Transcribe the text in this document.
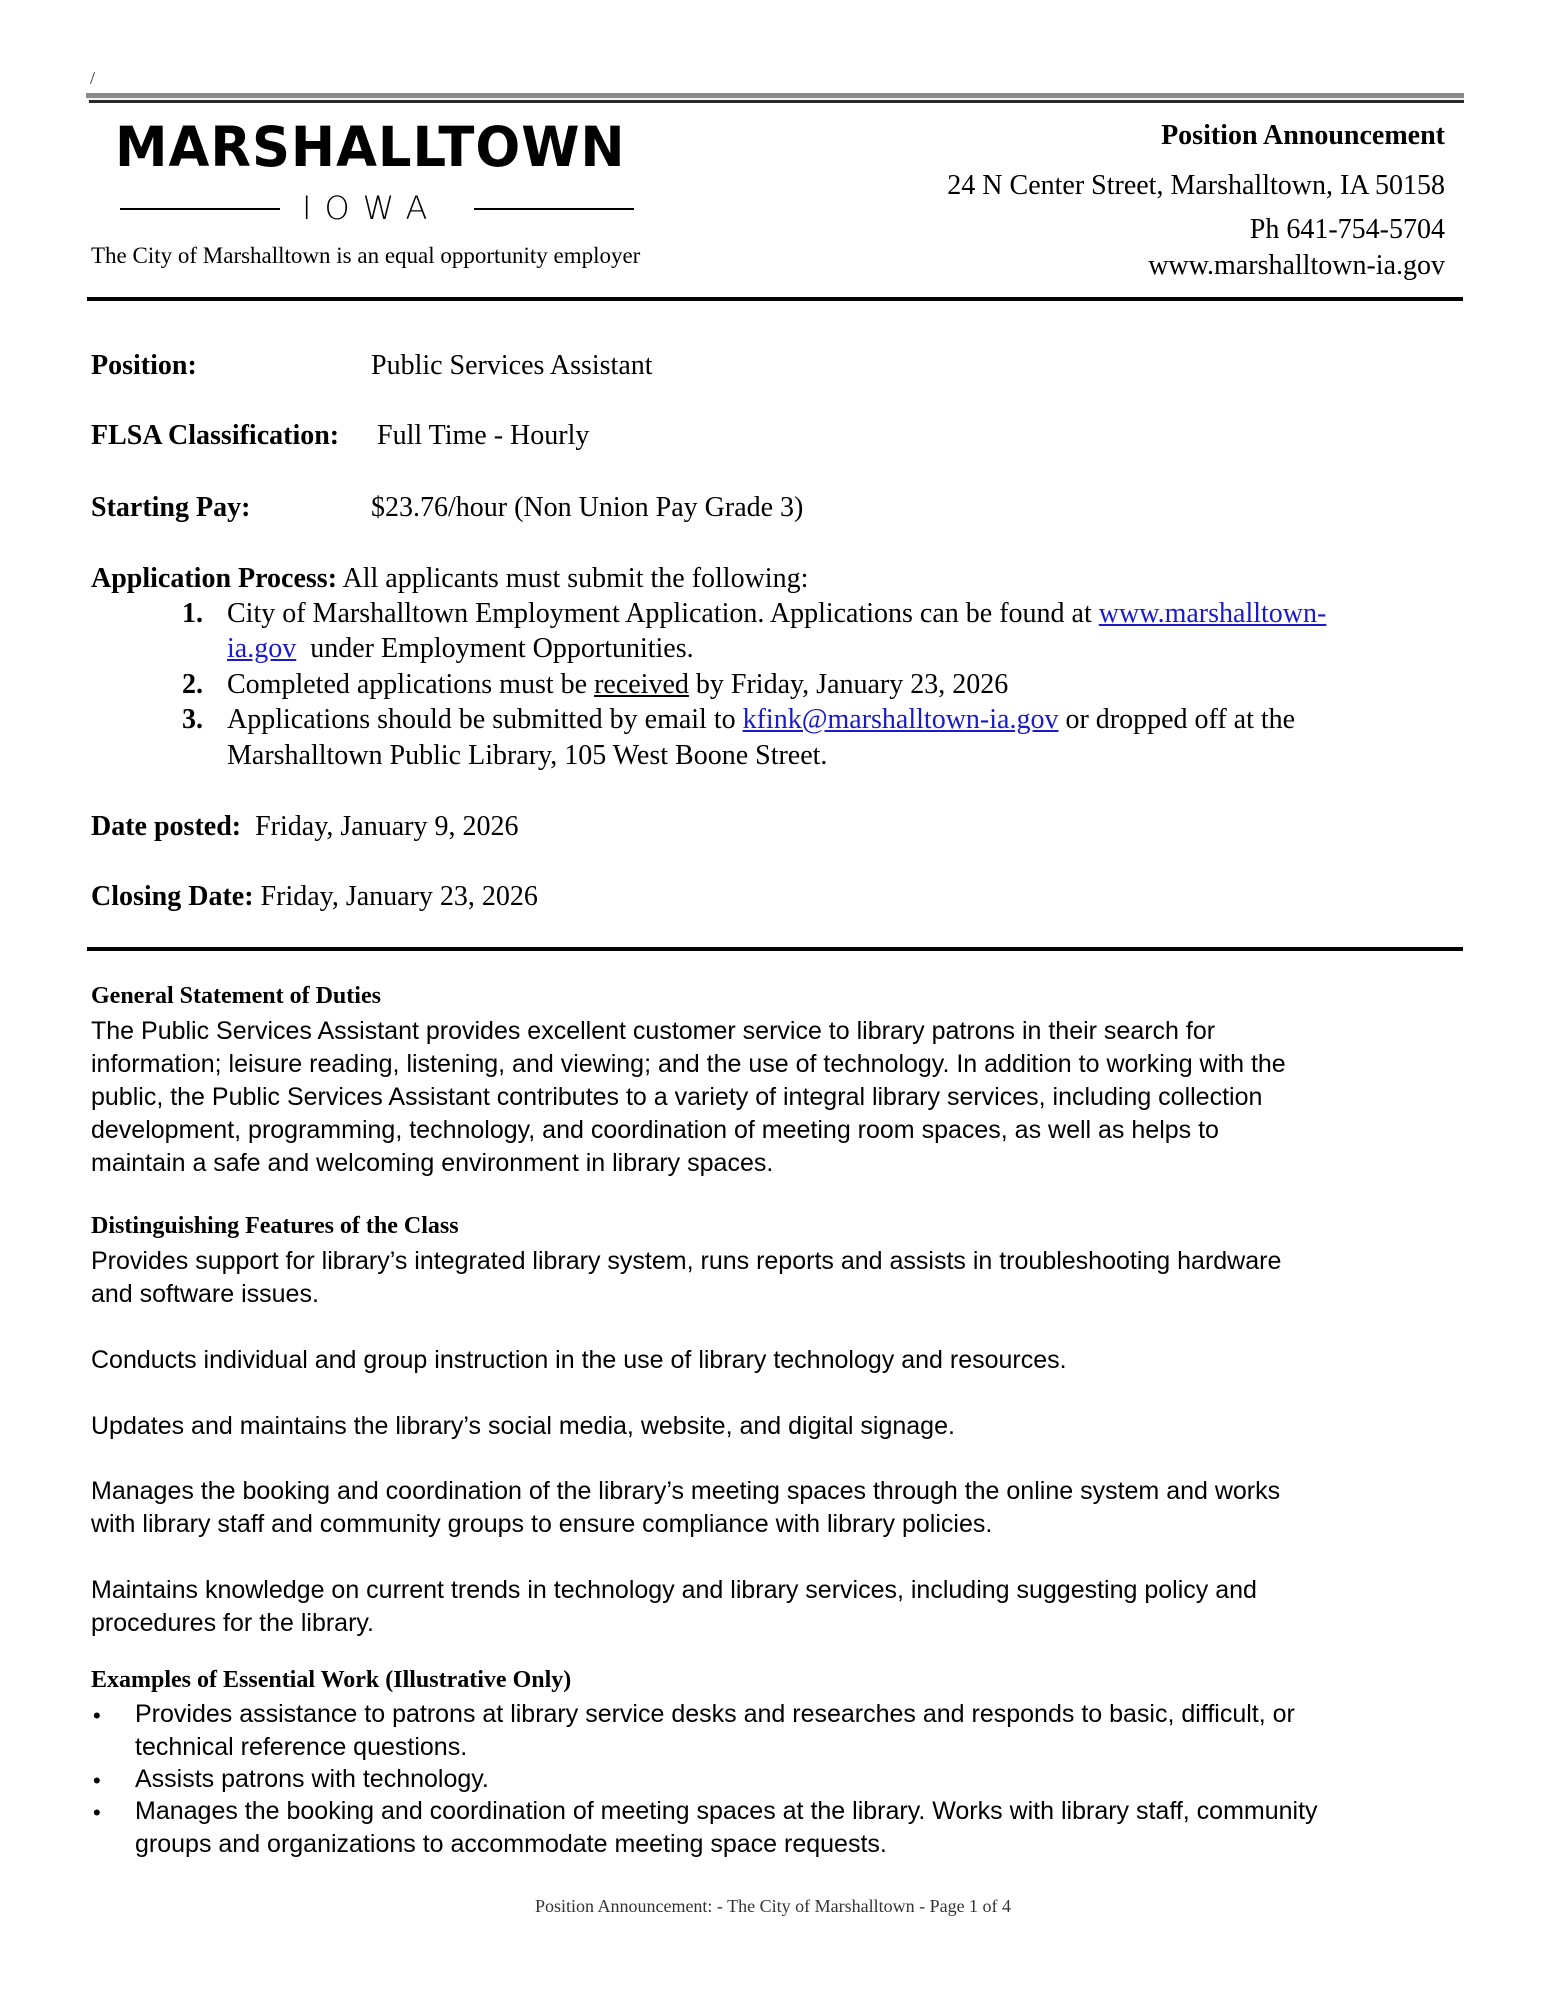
/
MARSHALLTOWN
IOWA
The City of Marshalltown is an equal opportunity employer
Position Announcement
24 N Center Street, Marshalltown, IA 50158
Ph 641-754-5704
www.marshalltown-ia.gov
Position:	Public Services Assistant
FLSA Classification: Full Time - Hourly
Starting Pay:	$23.76/hour (Non Union Pay Grade 3)
Application Process: All applicants must submit the following:
1. City of Marshalltown Employment Application. Applications can be found at www.marshalltown-
ia.gov  under Employment Opportunities.
2. Completed applications must be received by Friday, January 23, 2026
3. Applications should be submitted by email to kfink@marshalltown-ia.gov or dropped off at the
Marshalltown Public Library, 105 West Boone Street.
Date posted: Friday, January 9, 2026
Closing Date: Friday, January 23, 2026
General Statement of Duties
The Public Services Assistant provides excellent customer service to library patrons in their search for
information; leisure reading, listening, and viewing; and the use of technology. In addition to working with the
public, the Public Services Assistant contributes to a variety of integral library services, including collection
development, programming, technology, and coordination of meeting room spaces, as well as helps to
maintain a safe and welcoming environment in library spaces.
Distinguishing Features of the Class
Provides support for library’s integrated library system, runs reports and assists in troubleshooting hardware
and software issues.
Conducts individual and group instruction in the use of library technology and resources.
Updates and maintains the library’s social media, website, and digital signage.
Manages the booking and coordination of the library’s meeting spaces through the online system and works
with library staff and community groups to ensure compliance with library policies.
Maintains knowledge on current trends in technology and library services, including suggesting policy and
procedures for the library.
Examples of Essential Work (Illustrative Only)
• Provides assistance to patrons at library service desks and researches and responds to basic, difficult, or
technical reference questions.
• Assists patrons with technology.
• Manages the booking and coordination of meeting spaces at the library. Works with library staff, community
groups and organizations to accommodate meeting space requests.
Position Announcement: - The City of Marshalltown - Page 1 of 4
